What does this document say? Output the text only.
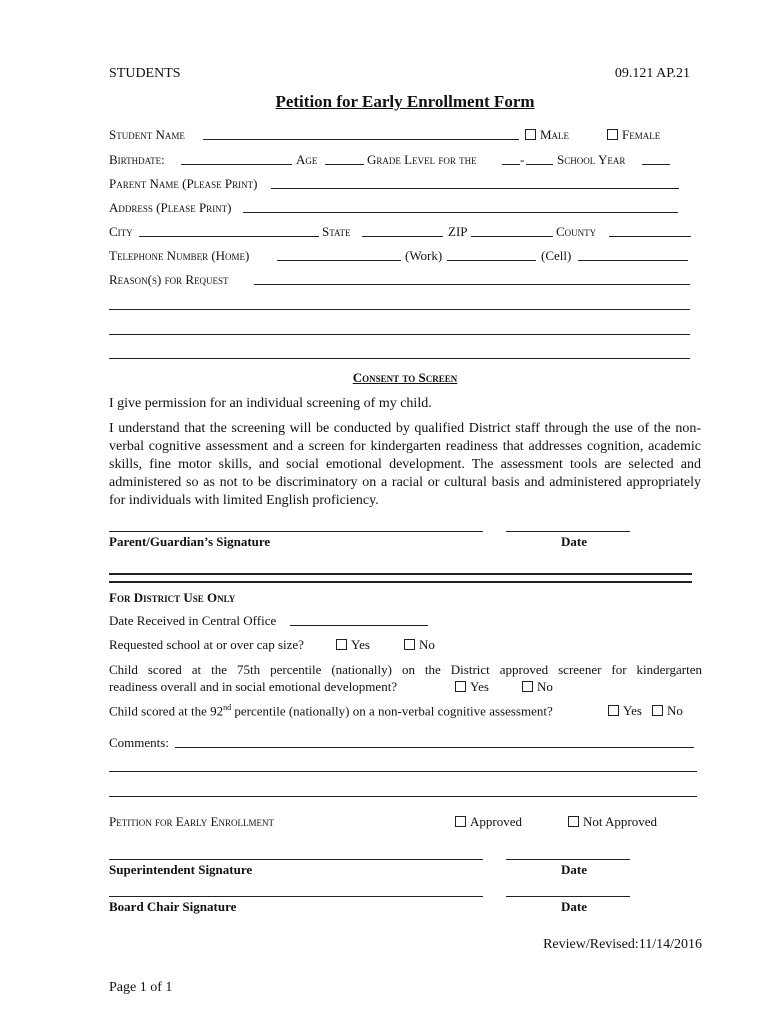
STUDENTS	09.121 AP.21
Petition for Early Enrollment Form
Student Name	Male	Female
Birthdate:	Age	Grade Level for the	-	School Year
Parent Name (Please Print)
Address (Please Print)
City	State	ZIP	County
Telephone Number (Home)	(Work)	(Cell)
Reason(s) for Request
Consent to Screen
I give permission for an individual screening of my child.
I understand that the screening will be conducted by qualified District staff through the use of the non-verbal cognitive assessment and a screen for kindergarten readiness that addresses cognition, academic skills, fine motor skills, and social emotional development. The assessment tools are selected and administered so as not to be discriminatory on a racial or cultural basis and administered appropriately for individuals with limited English proficiency.
Parent/Guardian’s Signature	Date
For District Use Only
Date Received in Central Office
Requested school at or over cap size?	Yes	No
Child scored at the 75th percentile (nationally) on the District approved screener for kindergarten
readiness overall and in social emotional development?	Yes	No
Child scored at the 92nd percentile (nationally) on a non-verbal cognitive assessment?	Yes	No
Comments:
Petition for Early Enrollment	Approved	Not Approved
Superintendent Signature	Date
Board Chair Signature	Date
Review/Revised:11/14/2016
Page 1 of 1
